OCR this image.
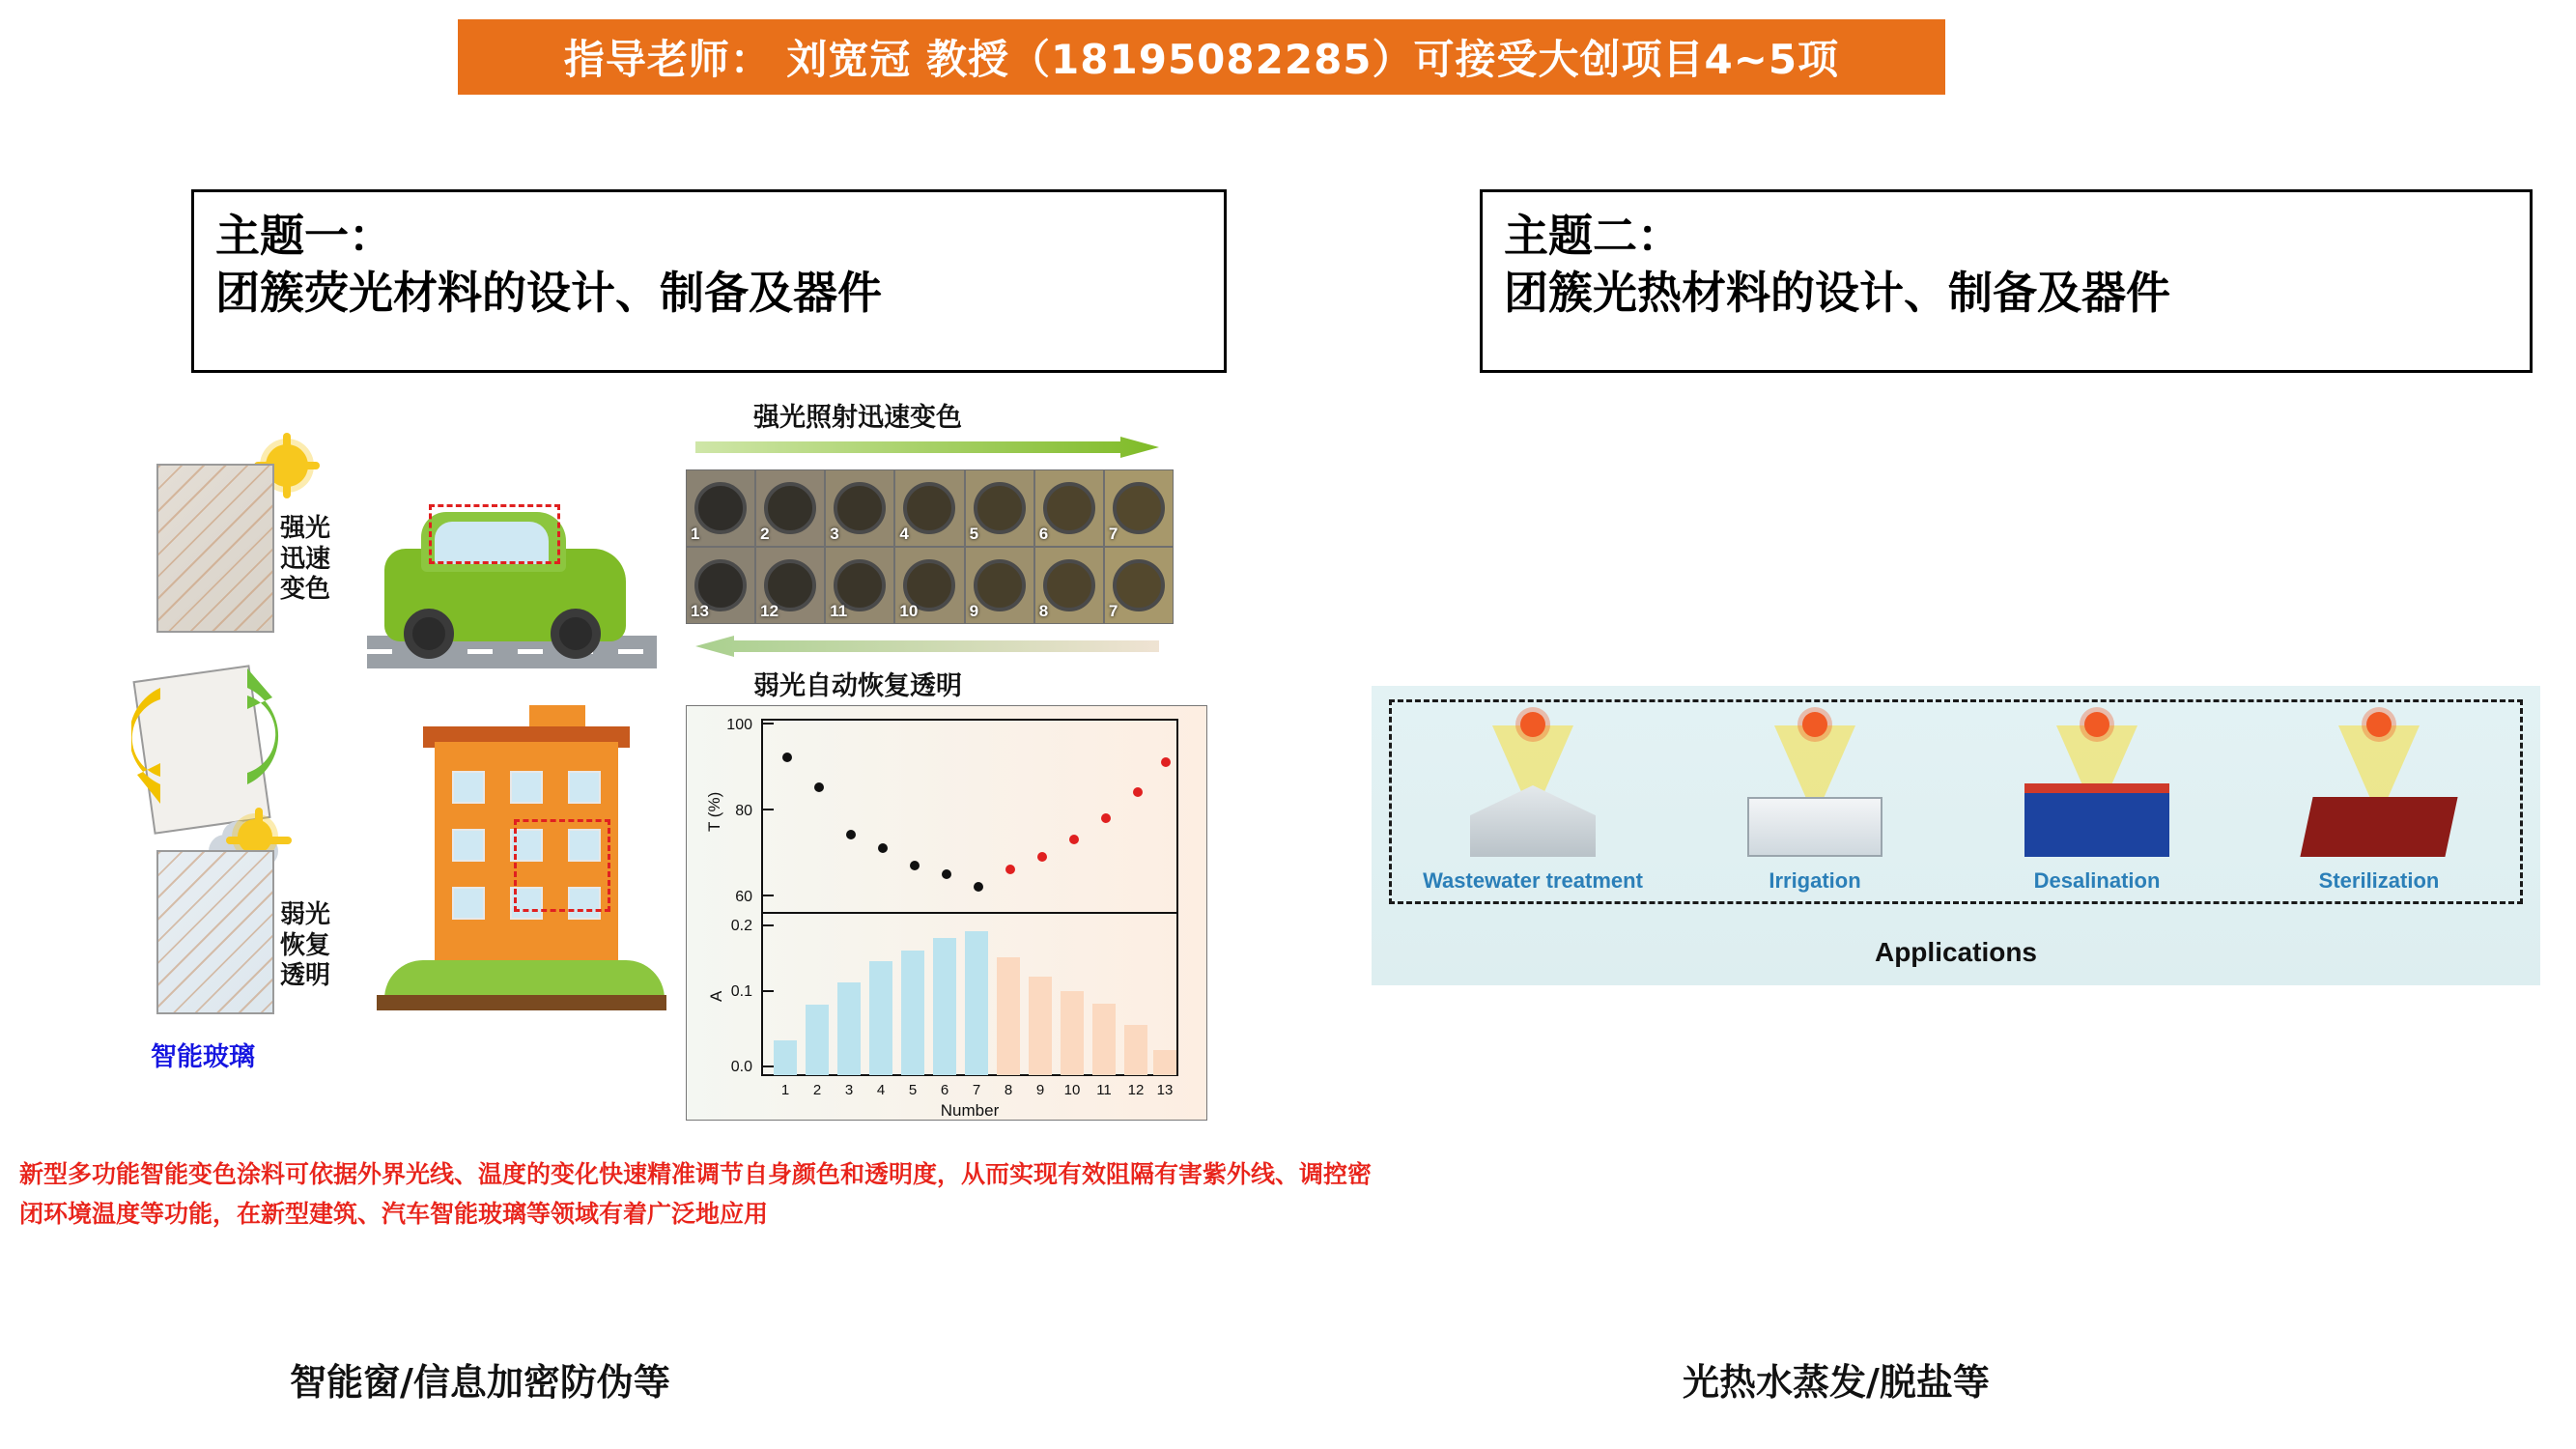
指导老师： 刘宽冠 教授（18195082285）可接受大创项目4~5项
主题一：
团簇荧光材料的设计、制备及器件
主题二：
团簇光热材料的设计、制备及器件
强光
迅速
变色
弱光
恢复
透明
智能玻璃
强光照射迅速变色
1	2	3	4	5	6	7
13	12	11	10	9	8	7
弱光自动恢复透明
100
80
60
T (%)
0.2
0.1
0.0
A
1 2 3 4 5 6 7 8 9 10 11 12 13
Number
新型多功能智能变色涂料可依据外界光线、温度的变化快速精准调节自身颜色和透明度，从而实现有效阻隔有害紫外线、调控密闭环境温度等功能，在新型建筑、汽车智能玻璃等领域有着广泛地应用
Wastewater treatment	Irrigation	Desalination	Sterilization
Applications
智能窗/信息加密防伪等	光热水蒸发/脱盐等
